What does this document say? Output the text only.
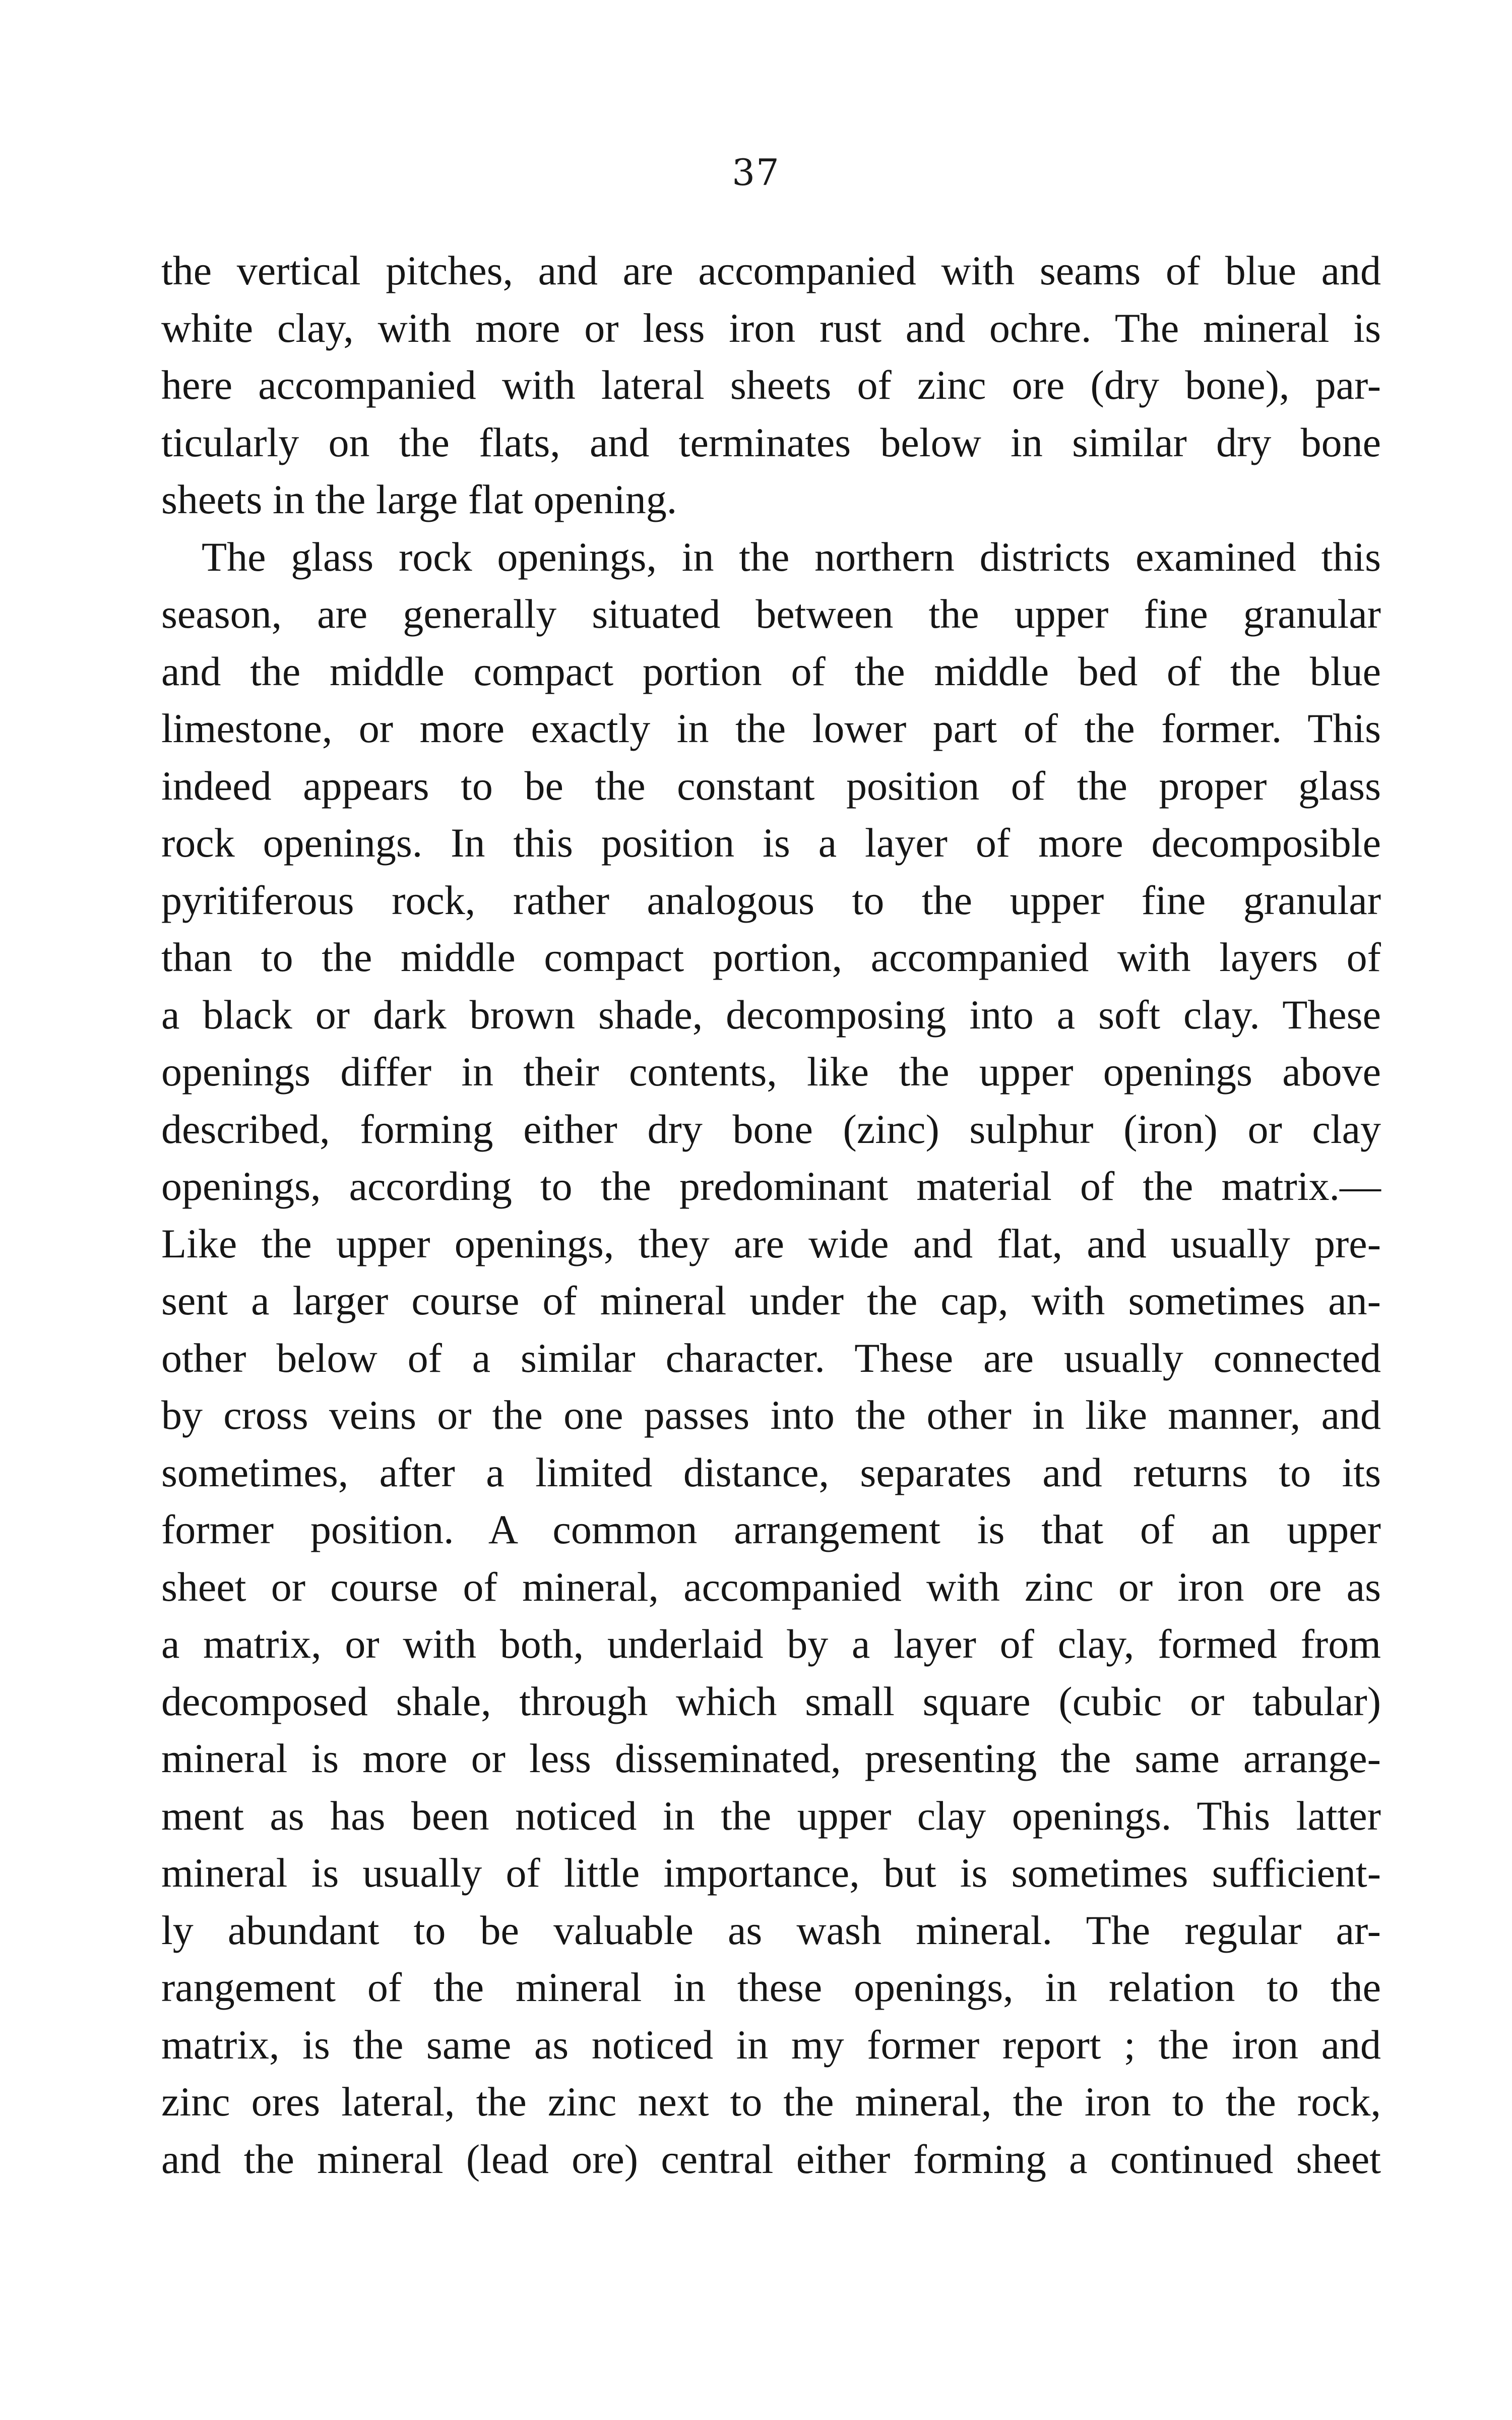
37
the vertical pitches, and are accompanied with seams of blue and
white clay, with more or less iron rust and ochre. The mineral is
here accompanied with lateral sheets of zinc ore (dry bone), par-
ticularly on the flats, and terminates below in similar dry bone
sheets in the large flat opening.
The glass rock openings, in the northern districts examined this
season, are generally situated between the upper fine granular
and the middle compact portion of the middle bed of the blue
limestone, or more exactly in the lower part of the former. This
indeed appears to be the constant position of the proper glass
rock openings. In this position is a layer of more decomposible
pyritiferous rock, rather analogous to the upper fine granular
than to the middle compact portion, accompanied with layers of
a black or dark brown shade, decomposing into a soft clay. These
openings differ in their contents, like the upper openings above
described, forming either dry bone (zinc) sulphur (iron) or clay
openings, according to the predominant material of the matrix.—
Like the upper openings, they are wide and flat, and usually pre-
sent a larger course of mineral under the cap, with sometimes an-
other below of a similar character. These are usually connected
by cross veins or the one passes into the other in like manner, and
sometimes, after a limited distance, separates and returns to its
former position. A common arrangement is that of an upper
sheet or course of mineral, accompanied with zinc or iron ore as
a matrix, or with both, underlaid by a layer of clay, formed from
decomposed shale, through which small square (cubic or tabular)
mineral is more or less disseminated, presenting the same arrange-
ment as has been noticed in the upper clay openings. This latter
mineral is usually of little importance, but is sometimes sufficient-
ly abundant to be valuable as wash mineral. The regular ar-
rangement of the mineral in these openings, in relation to the
matrix, is the same as noticed in my former report ; the iron and
zinc ores lateral, the zinc next to the mineral, the iron to the rock,
and the mineral (lead ore) central either forming a continued sheet
